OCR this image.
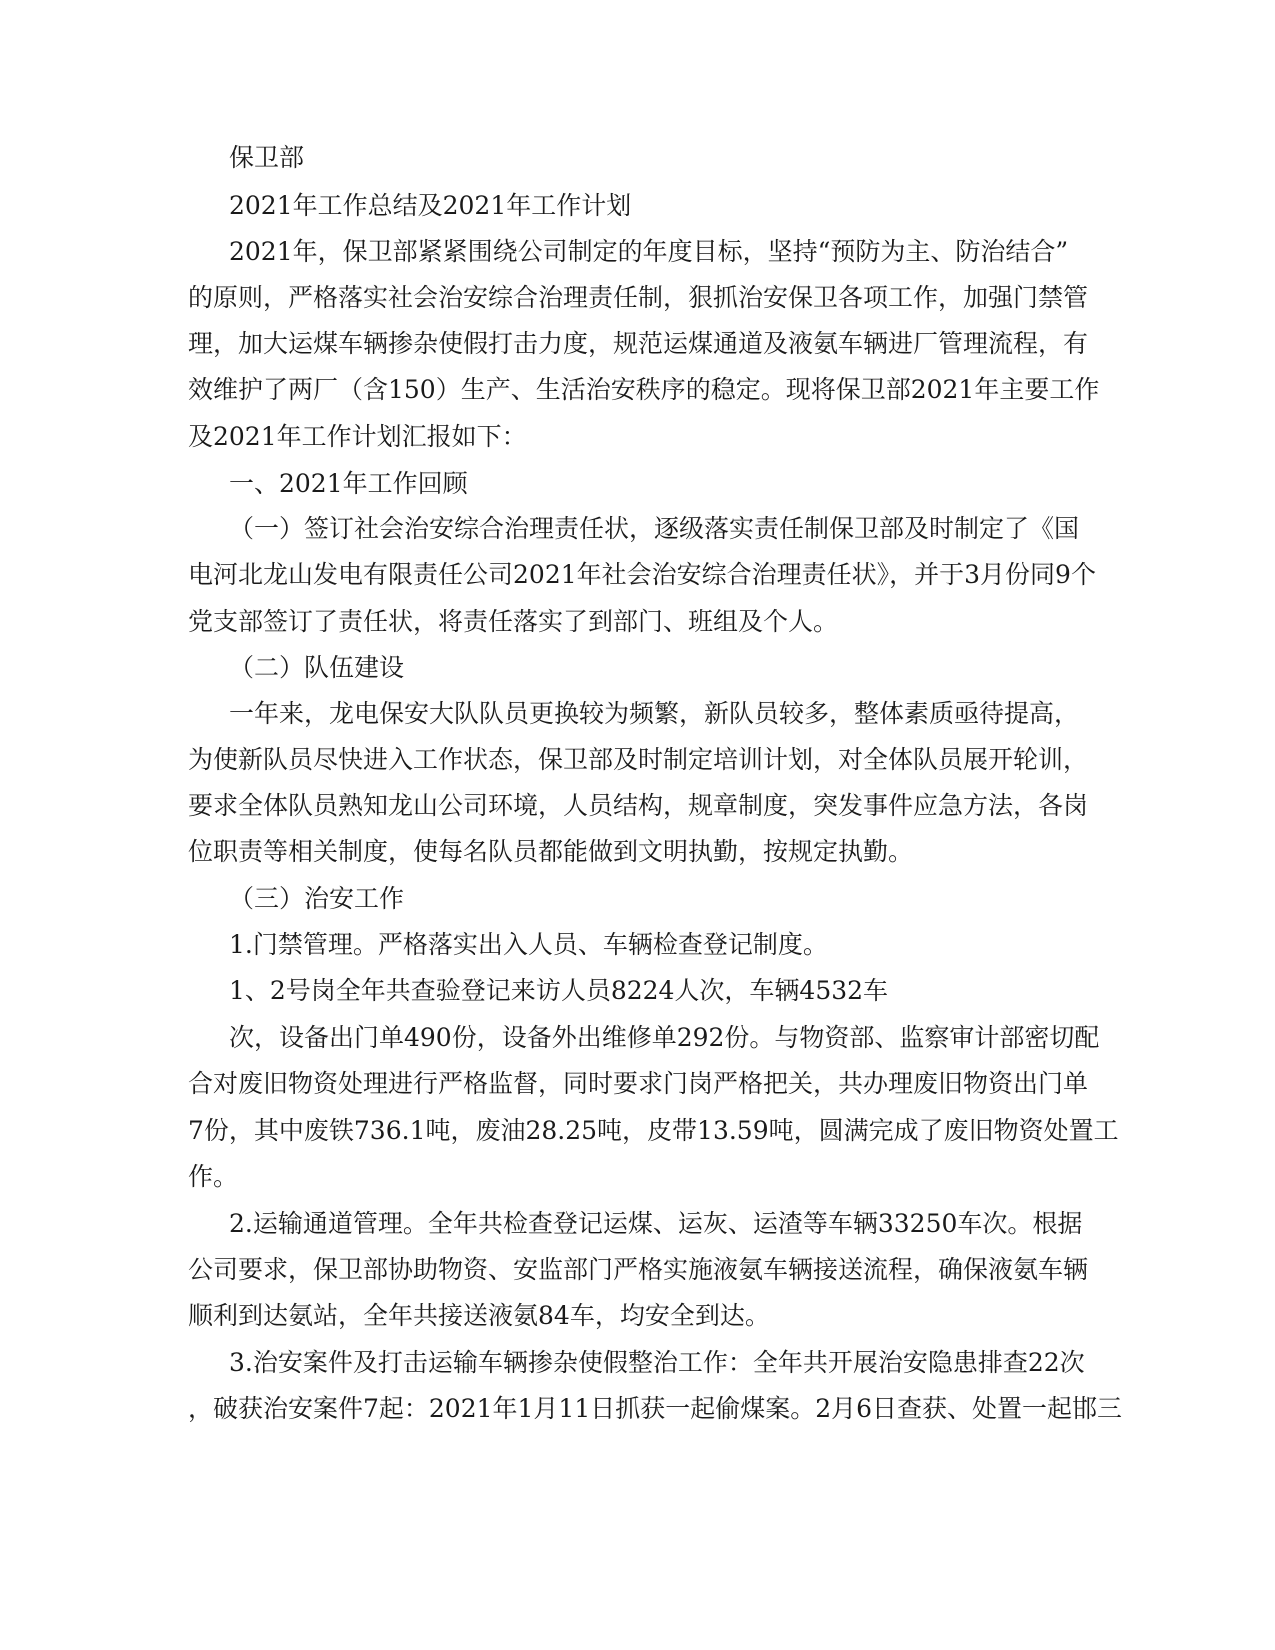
保卫部
2021年工作总结及2021年工作计划
2021年，保卫部紧紧围绕公司制定的年度目标，坚持“预防为主、防治结合”
的原则，严格落实社会治安综合治理责任制，狠抓治安保卫各项工作，加强门禁管
理，加大运煤车辆掺杂使假打击力度，规范运煤通道及液氨车辆进厂管理流程，有
效维护了两厂（含150）生产、生活治安秩序的稳定。现将保卫部2021年主要工作
及2021年工作计划汇报如下：
一、2021年工作回顾
（一）签订社会治安综合治理责任状，逐级落实责任制保卫部及时制定了《国
电河北龙山发电有限责任公司2021年社会治安综合治理责任状》，并于3月份同9个
党支部签订了责任状，将责任落实了到部门、班组及个人。
（二）队伍建设
一年来，龙电保安大队队员更换较为频繁，新队员较多，整体素质亟待提高，
为使新队员尽快进入工作状态，保卫部及时制定培训计划，对全体队员展开轮训，
要求全体队员熟知龙山公司环境，人员结构，规章制度，突发事件应急方法，各岗
位职责等相关制度，使每名队员都能做到文明执勤，按规定执勤。
（三）治安工作
1.门禁管理。严格落实出入人员、车辆检查登记制度。
1、2号岗全年共查验登记来访人员8224人次，车辆4532车
次，设备出门单490份，设备外出维修单292份。与物资部、监察审计部密切配
合对废旧物资处理进行严格监督，同时要求门岗严格把关，共办理废旧物资出门单
7份，其中废铁736.1吨，废油28.25吨，皮带13.59吨，圆满完成了废旧物资处置工
作。
2.运输通道管理。全年共检查登记运煤、运灰、运渣等车辆33250车次。根据
公司要求，保卫部协助物资、安监部门严格实施液氨车辆接送流程，确保液氨车辆
顺利到达氨站，全年共接送液氨84车，均安全到达。
3.治安案件及打击运输车辆掺杂使假整治工作：全年共开展治安隐患排查22次
，破获治安案件7起：2021年1月11日抓获一起偷煤案。2月6日查获、处置一起邯三
